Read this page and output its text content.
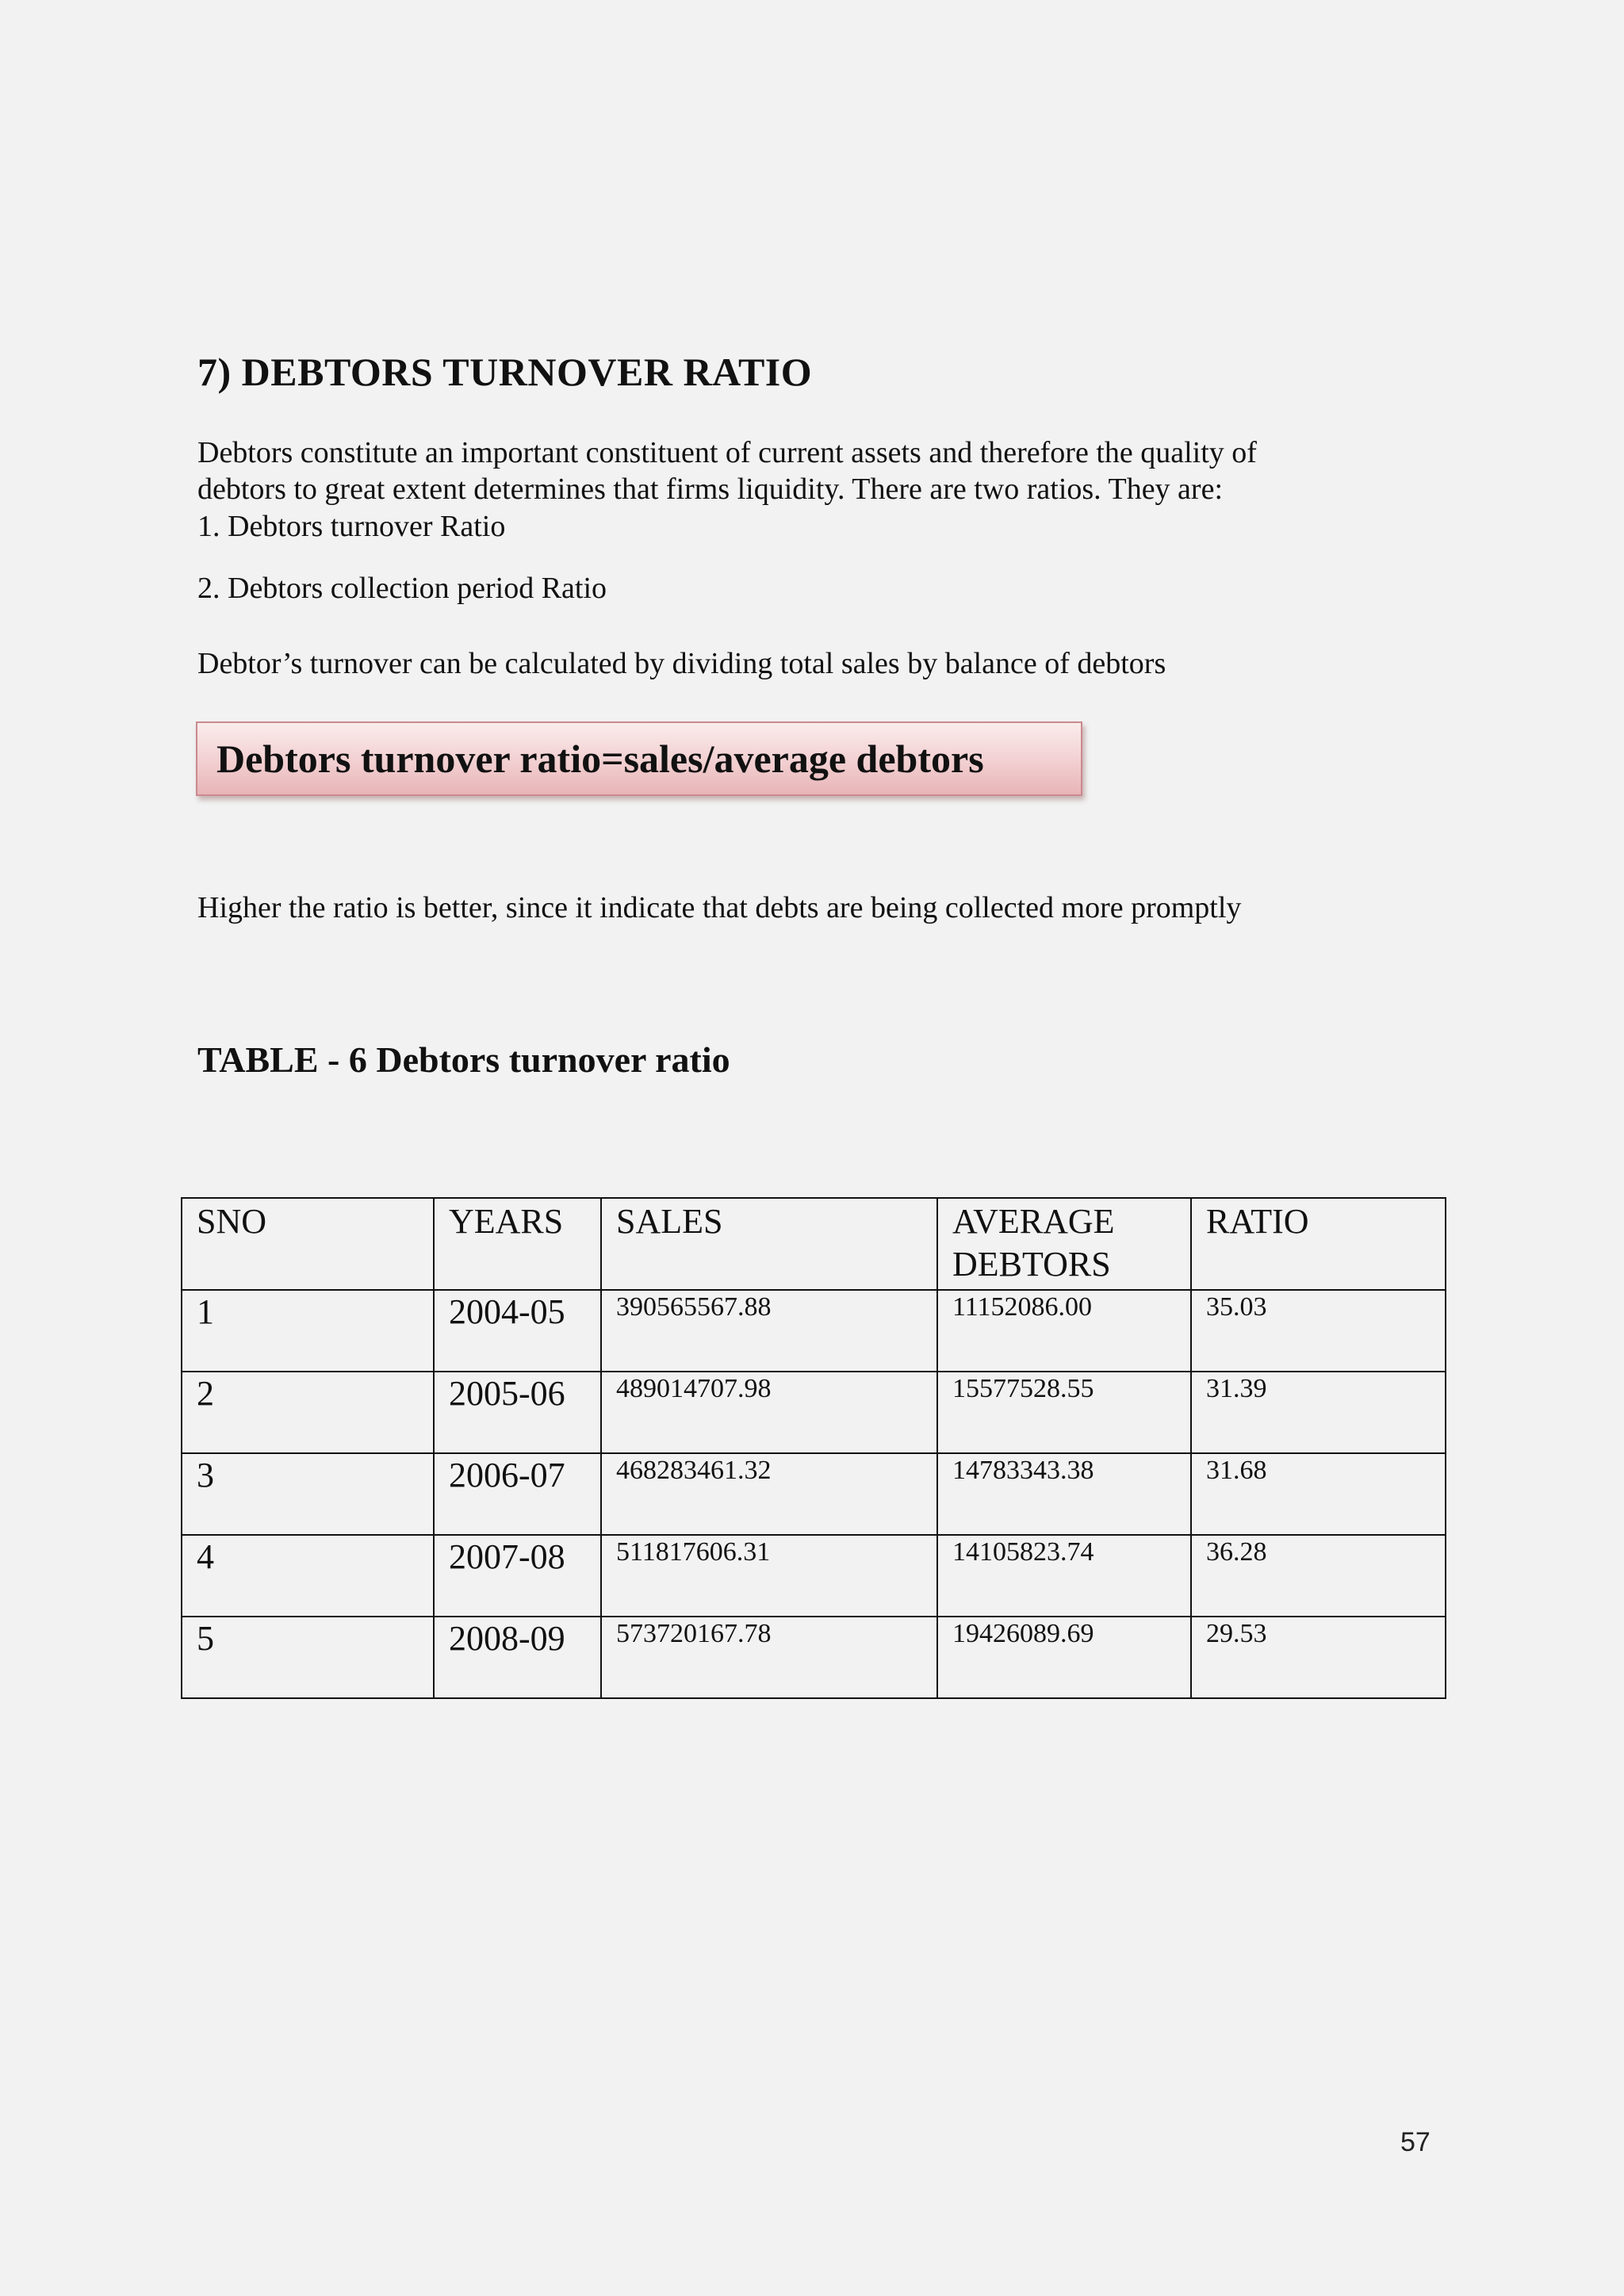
7) DEBTORS TURNOVER RATIO

Debtors constitute an important constituent of current assets and therefore the quality of

debtors to great extent determines that firms liquidity. There are two ratios. They are:

1. Debtors turnover Ratio
2. Debtors collection period Ratio
Debtor’s turnover can be calculated by dividing total sales by balance of debtors
Debtors turnover ratio=sales/average debtors
Higher the ratio is better, since it indicate that debts are being collected more promptly
TABLE - 6 Debtors turnover ratio
SNO	YEARS	SALES	AVERAGE DEBTORS	RATIO
1	2004-05	390565567.88	11152086.00	35.03
2	2005-06	489014707.98	15577528.55	31.39
3	2006-07	468283461.32	14783343.38	31.68
4	2007-08	511817606.31	14105823.74	36.28
5	2008-09	573720167.78	19426089.69	29.53
57
